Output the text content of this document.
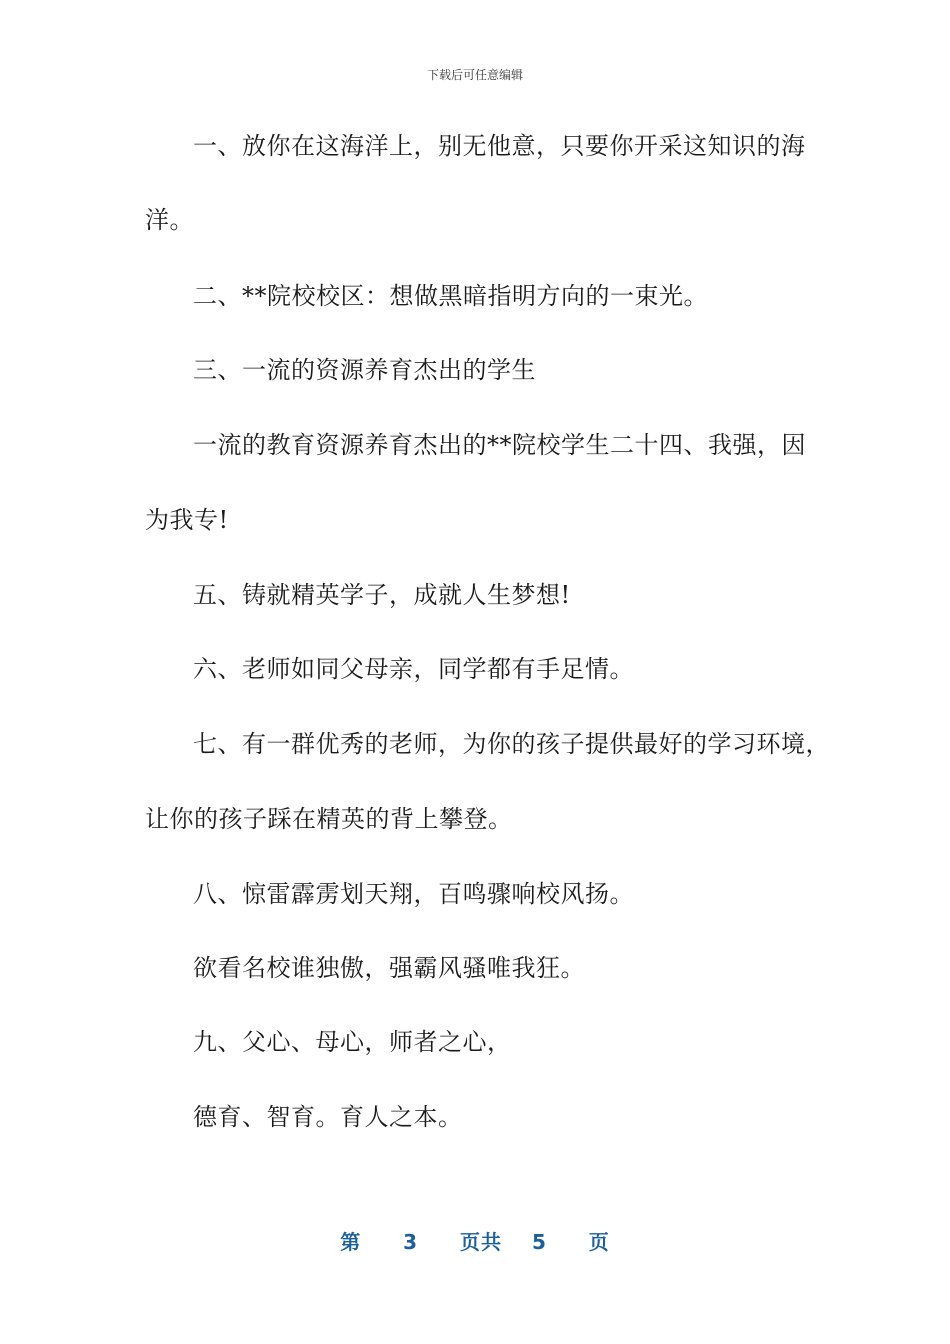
下载后可任意编辑
一、放你在这海洋上，别无他意，只要你开采这知识的海
洋。
二、**院校校区：想做黑暗指明方向的一束光。
三、一流的资源养育杰出的学生
一流的教育资源养育杰出的**院校学生二十四、我强，因
为我专!
五、铸就精英学子，成就人生梦想!
六、老师如同父母亲，同学都有手足情。
七、有一群优秀的老师，为你的孩子提供最好的学习环境，
让你的孩子踩在精英的背上攀登。
八、惊雷霹雳划天翔，百鸣骤响校风扬。
欲看名校谁独傲，强霸风骚唯我狂。
九、父心、母心，师者之心，
德育、智育。育人之本。
第 3 页共 5 页
